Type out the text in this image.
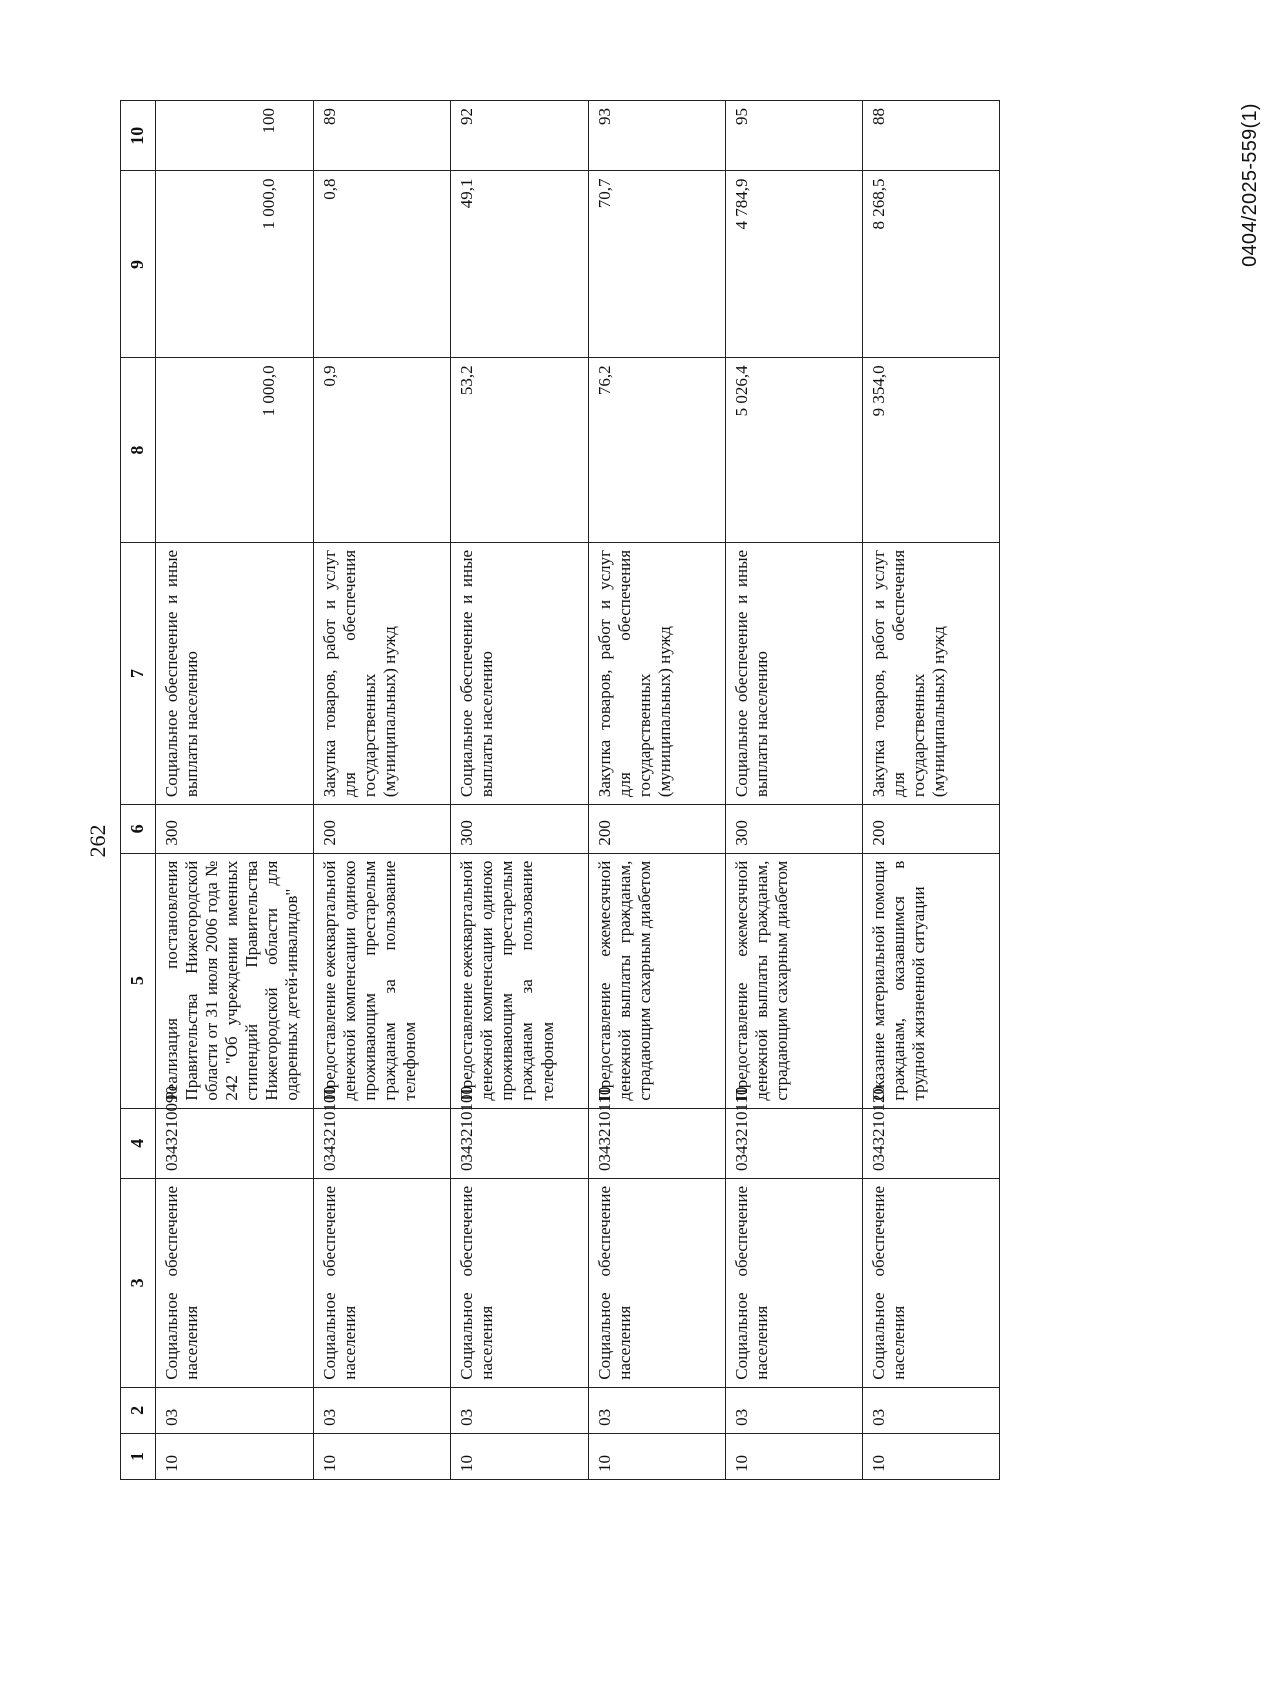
262
0404/2025-559(1)
1	2	3	4	5	6	7	8	9	10
10	03	Социальное обеспечение населения	0343210090	Реализация постановления Правительства Нижегородской области от 31 июля 2006 года № 242 "Об учреждении именных стипендий Правительства Нижегородской области для одаренных детей-инвалидов"	300	Социальное обеспечение и иные выплаты населению	1 000,0	1 000,0	100
10	03	Социальное обеспечение населения	0343210100	Предоставление ежеквартальной денежной компенсации одиноко проживающим престарелым гражданам за пользование телефоном	200	Закупка товаров, работ и услуг для обеспечения государственных (муниципальных) нужд	0,9	0,8	89
10	03	Социальное обеспечение населения	0343210100	Предоставление ежеквартальной денежной компенсации одиноко проживающим престарелым гражданам за пользование телефоном	300	Социальное обеспечение и иные выплаты населению	53,2	49,1	92
10	03	Социальное обеспечение населения	0343210110	Предоставление ежемесячной денежной выплаты гражданам, страдающим сахарным диабетом	200	Закупка товаров, работ и услуг для обеспечения государственных (муниципальных) нужд	76,2	70,7	93
10	03	Социальное обеспечение населения	0343210110	Предоставление ежемесячной денежной выплаты гражданам, страдающим сахарным диабетом	300	Социальное обеспечение и иные выплаты населению	5 026,4	4 784,9	95
10	03	Социальное обеспечение населения	0343210120	Оказание материальной помощи гражданам, оказавшимся в трудной жизненной ситуации	200	Закупка товаров, работ и услуг для обеспечения государственных (муниципальных) нужд	9 354,0	8 268,5	88
